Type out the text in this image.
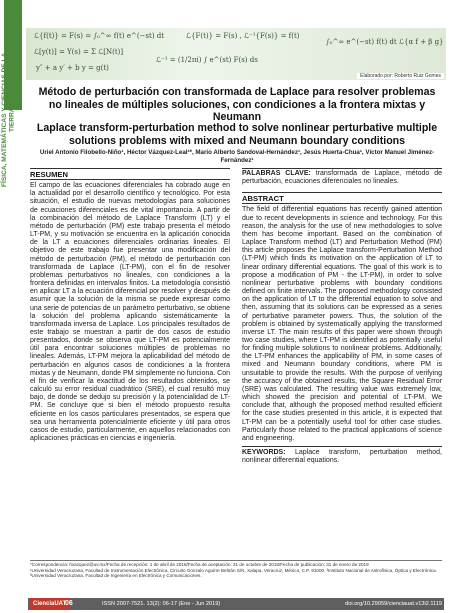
FÍSICA, MATEMÁTICAS Y CIENCIAS DE LA TIERRA
ℒ{f(t)} = F(s) = ∫₀^∞ f(t) e^(−st) dt	ℒ{F(t)} = F(s) , ℒ⁻¹{F(s)} = f(t)
∫₀^∞ e^(−st) f(t) dt ℒ{α f + β g}
ℒ[y(t)] = Y(s) = Σ ℒ[N(t)]
ℒ⁻¹ = (1/2πi) ∫ e^(st) F(s) ds
y″ + a y′ + b y = g(t)
Elaborado por: Roberto Ruiz Gomes
Método de perturbación con transformada de Laplace para resolver problemas no lineales de múltiples soluciones, con condiciones a la frontera mixtas y Neumann
Laplace transform-perturbation method to solve nonlinear perturbative multiple solutions problems with mixed and Neumann boundary conditions
Uriel Antonio Filobello-Niño¹, Héctor Vázquez-Leal¹*, Mario Alberto Sandoval-Hernández¹, Jesús Huerta-Chua¹, Víctor Manuel Jiménez-Fernández¹
RESUMEN

El campo de las ecuaciones diferenciales ha cobrado auge en la actualidad por el desarrollo científico y tecnológico. Por esta situación, el estudio de nuevas metodologías para soluciones de ecuaciones diferenciales es de vital importancia. A partir de la combinación del método de Laplace Transform (LT) y el método de perturbación (PM) este trabajo presenta el método LT-PM, y su motivación se encuentra en la aplicación conocida de la LT a ecuaciones diferenciales ordinarias lineales. El objetivo de este trabajo fue presentar una modificación del método de perturbación (PM), el método de perturbación con transformada de Laplace (LT-PM), con el fin de resolver problemas perturbativos no lineales, con condiciones a la frontera definidas en intervalos finitos. La metodología consistió en aplicar LT a la ecuación diferencial por resolver y después de asumir que la solución de la misma se puede expresar como una serie de potencias de un parámetro perturbativo, se obtiene la solución del problema aplicando sistemáticamente la transformada inversa de Laplace. Los principales resultados de este trabajo se muestran a partir de dos casos de estudio presentados, donde se observa que LT-PM es potencialmente útil para encontrar soluciones múltiples de problemas no lineales. Además, LT-PM mejora la aplicabilidad del método de perturbación en algunos casos de condiciones a la frontera mixtas y de Neumann, donde PM simplemente no funciona. Con el fin de verificar la exactitud de los resultados obtenidos, se calculó su error residual cuadrático (SRE), el cual resultó muy bajo, de donde se dedujo su precisión y la potencialidad de LT-PM. Se concluye que si bien el método propuesto resulta eficiente en los casos particulares presentados, se espera que sea una herramienta potencialmente eficiente y útil para otros casos de estudio, particularmente, en aquellos relacionados con aplicaciones prácticas en ciencias e ingeniería.

PALABRAS CLAVE: transformada de Laplace, método de perturbación, ecuaciones diferenciales no lineales.
ABSTRACT

The field of differential equations has recently gained attention due to recent developments in science and technology. For this reason, the analysis for the use of new methodologies to solve them has become important. Based on the combination of Laplace Transform method (LT) and Perturbation Method (PM) this article proposes the Laplace transform-Perturbation Method (LT-PM) which finds its motivation on the application of LT to linear ordinary differential equations. The goal of this work is to propose a modification of PM - the LT-PM), in order to solve nonlinear perturbative problems with boundary conditions defined on finite intervals. The proposed methodology consisted on the application of LT to the differential equation to solve and then, assuming that its solutions can be expressed as a series of perturbative parameter powers. Thus, the solution of the problem is obtained by systematically applying the transformed inverse LT. The main results of this paper were shown through two case studies, where LT-PM is identified as potentially useful for finding multiple solutions to nonlinear problems. Additionally, the LT-PM enhances the applicability of PM, in some cases of mixed and Neumann boundary conditions, where PM is unsuitable to provide the results. With the purpose of verifying the accuracy of the obtained results, the Square Residual Error (SRE) was calculated. The resulting value was extremely low, which showed the precision and potential of LT-PM. We conclude that, although the proposed method resulted efficient for the case studies presented in this article, it is expected that LT-PM can be a potentially useful tool for other case studies. Particularly those related to the practical applications of science and engineering.

KEYWORDS: Laplace transform, perturbation method, nonlinear differential equations.

*Correspondencia: hvazquez@uv.mx/Fecha de recepción: 1 de abril de 2018/Fecha de aceptación: 31 de octubre de 2018/Fecha de publicación: 31 de enero de 2019
¹Universidad Veracruzana, Facultad de Instrumentación Electrónica, Circuito Gonzalo Aguirre Beltrán S/N, Xalapa, Veracruz, México, C.P. 91000. ²Instituto Nacional de Astrofísica, Óptica y Electrónica. ³Universidad Veracruzana, Facultad de Ingeniería en Electrónica y Comunicaciones.
CienciaUAT
06	ISSN 2007-7521. 13(2): 06-17 (Ene - Jun 2019)	doi.org/10.29059/cienciauat.v13i2.1119
